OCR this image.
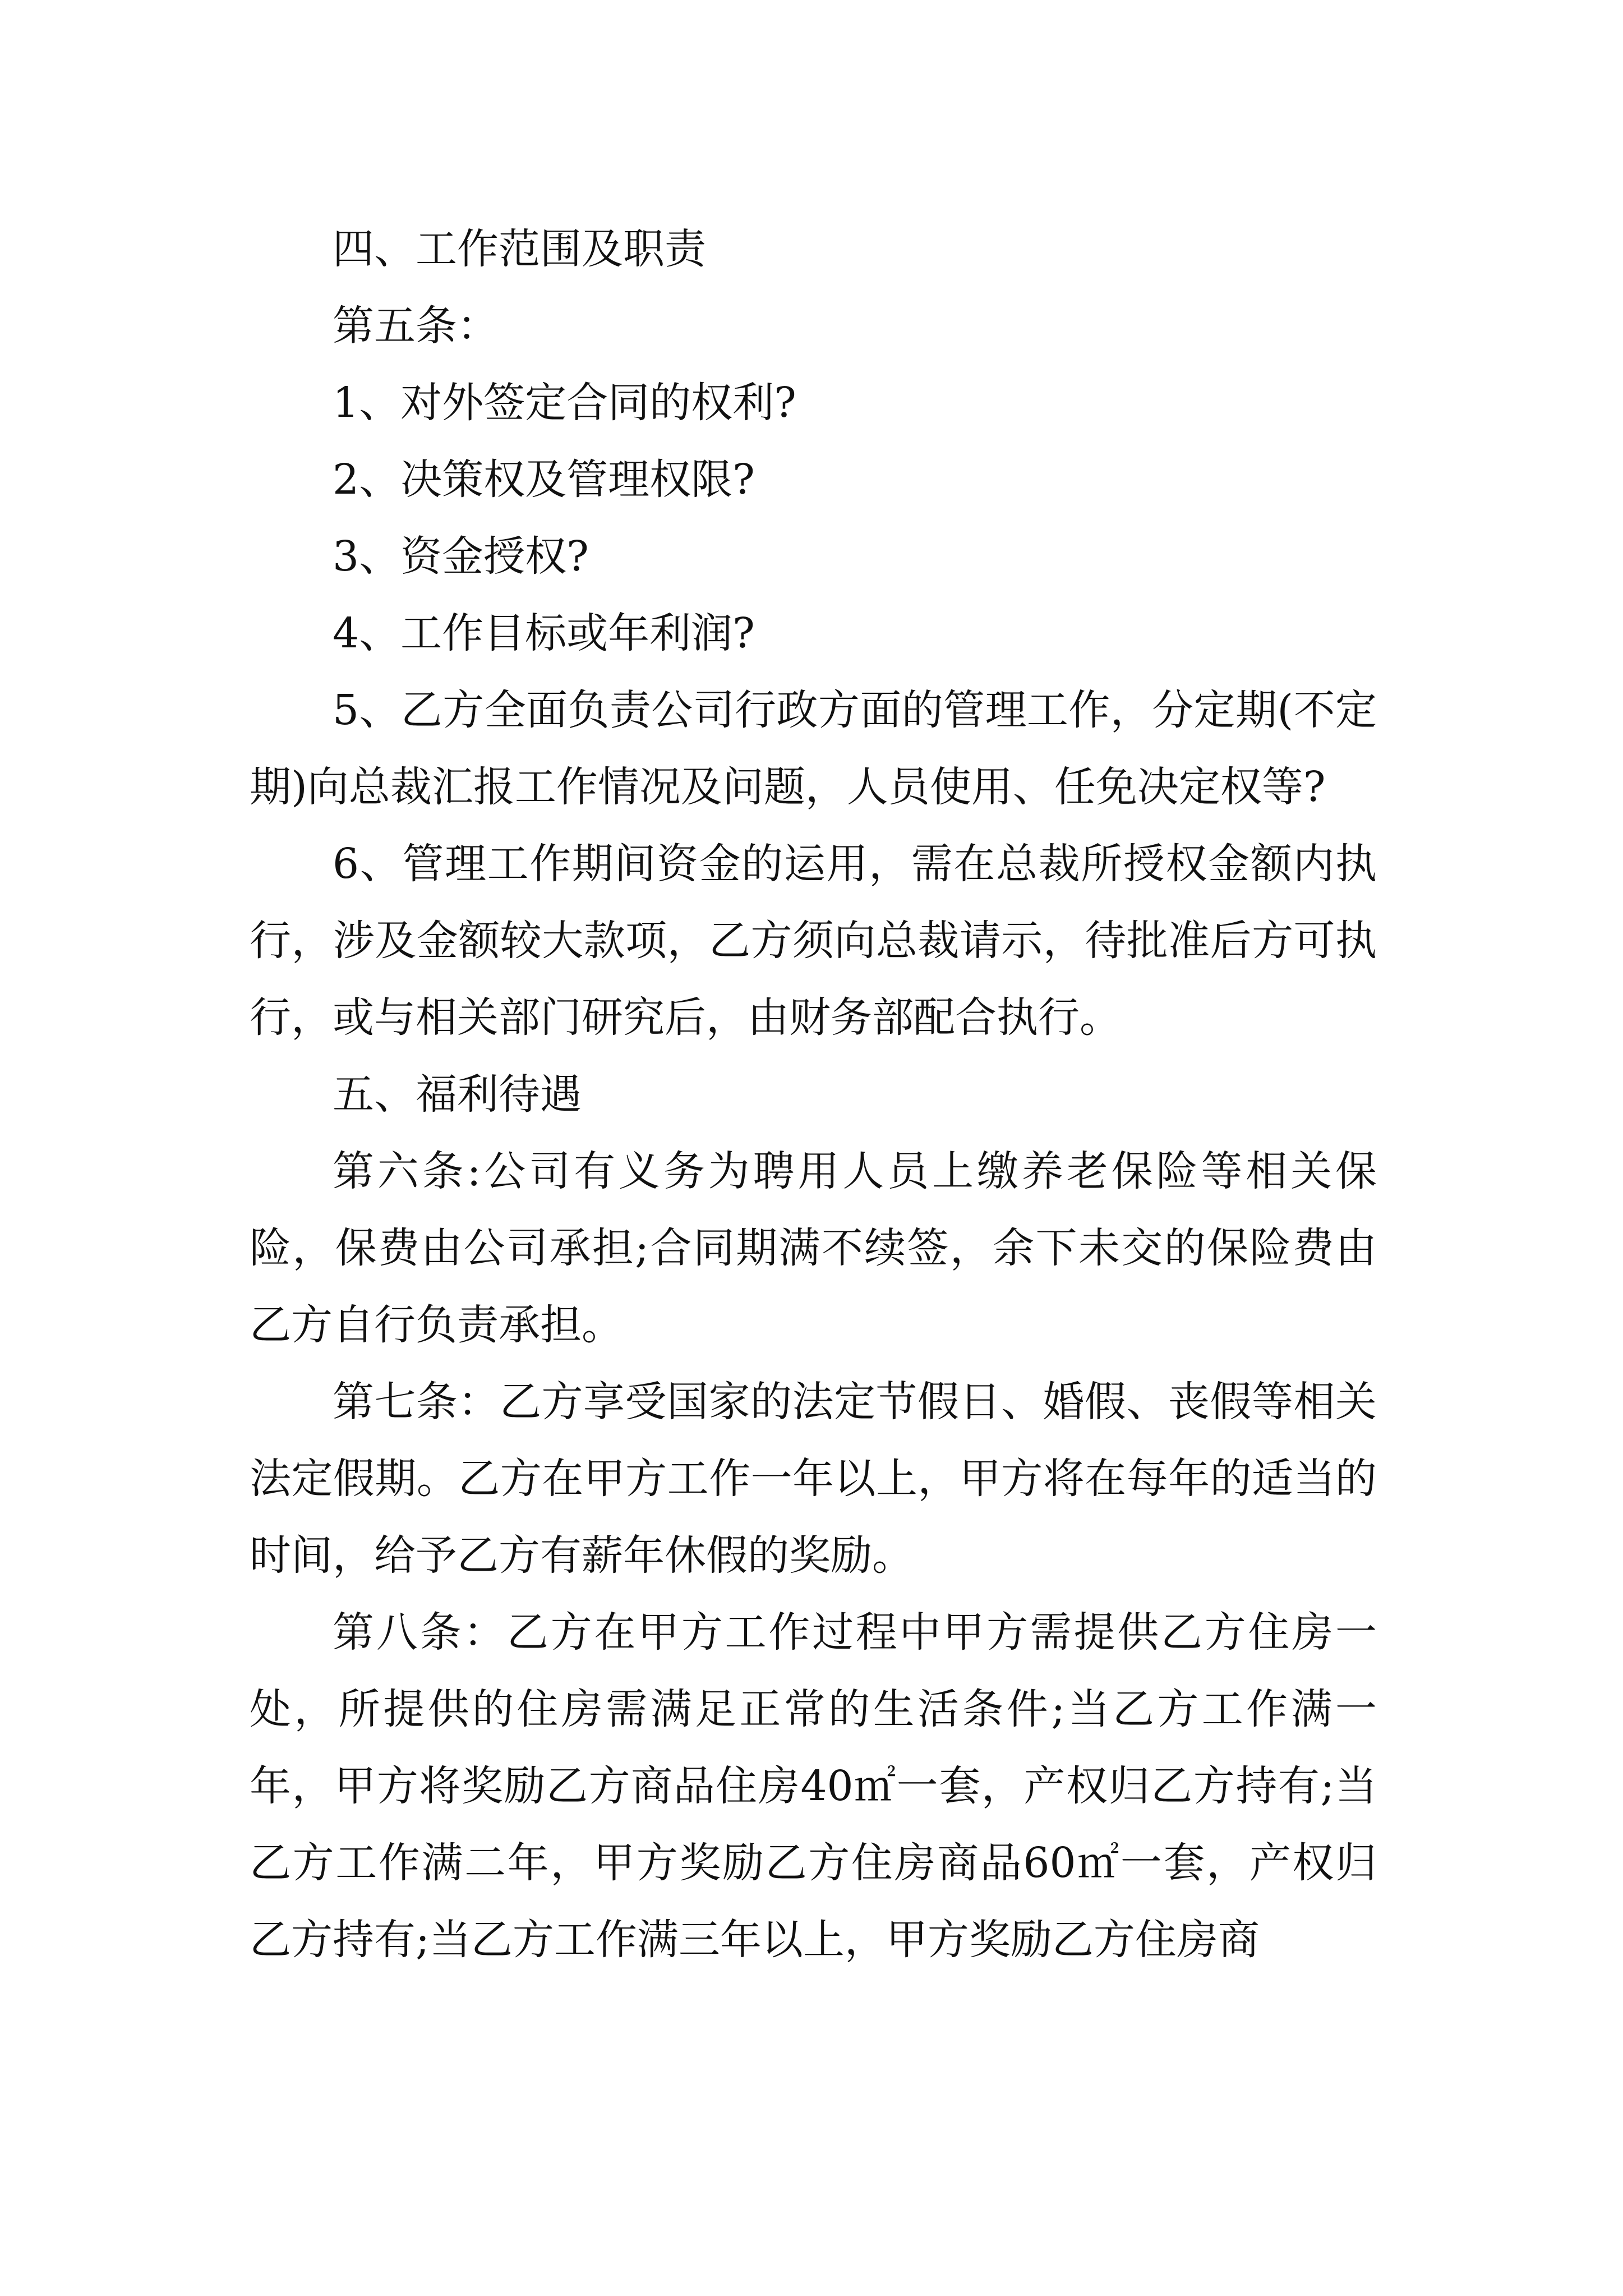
四、工作范围及职责

第五条：

1、对外签定合同的权利?

2、决策权及管理权限?

3、资金授权?

4、工作目标或年利润?

5、乙方全面负责公司行政方面的管理工作，分定期(不定期)向总裁汇报工作情况及问题，人员使用、任免决定权等?

6、管理工作期间资金的运用，需在总裁所授权金额内执行，涉及金额较大款项，乙方须向总裁请示，待批准后方可执行，或与相关部门研究后，由财务部配合执行。

五、福利待遇

第六条:公司有义务为聘用人员上缴养老保险等相关保险，保费由公司承担;合同期满不续签，余下未交的保险费由乙方自行负责承担。

第七条：乙方享受国家的法定节假日、婚假、丧假等相关法定假期。乙方在甲方工作一年以上，甲方将在每年的适当的时间，给予乙方有薪年休假的奖励。

第八条：乙方在甲方工作过程中甲方需提供乙方住房一处，所提供的住房需满足正常的生活条件;当乙方工作满一年，甲方将奖励乙方商品住房40㎡一套，产权归乙方持有;当乙方工作满二年，甲方奖励乙方住房商品60㎡一套，产权归乙方持有;当乙方工作满三年以上，甲方奖励乙方住房商
